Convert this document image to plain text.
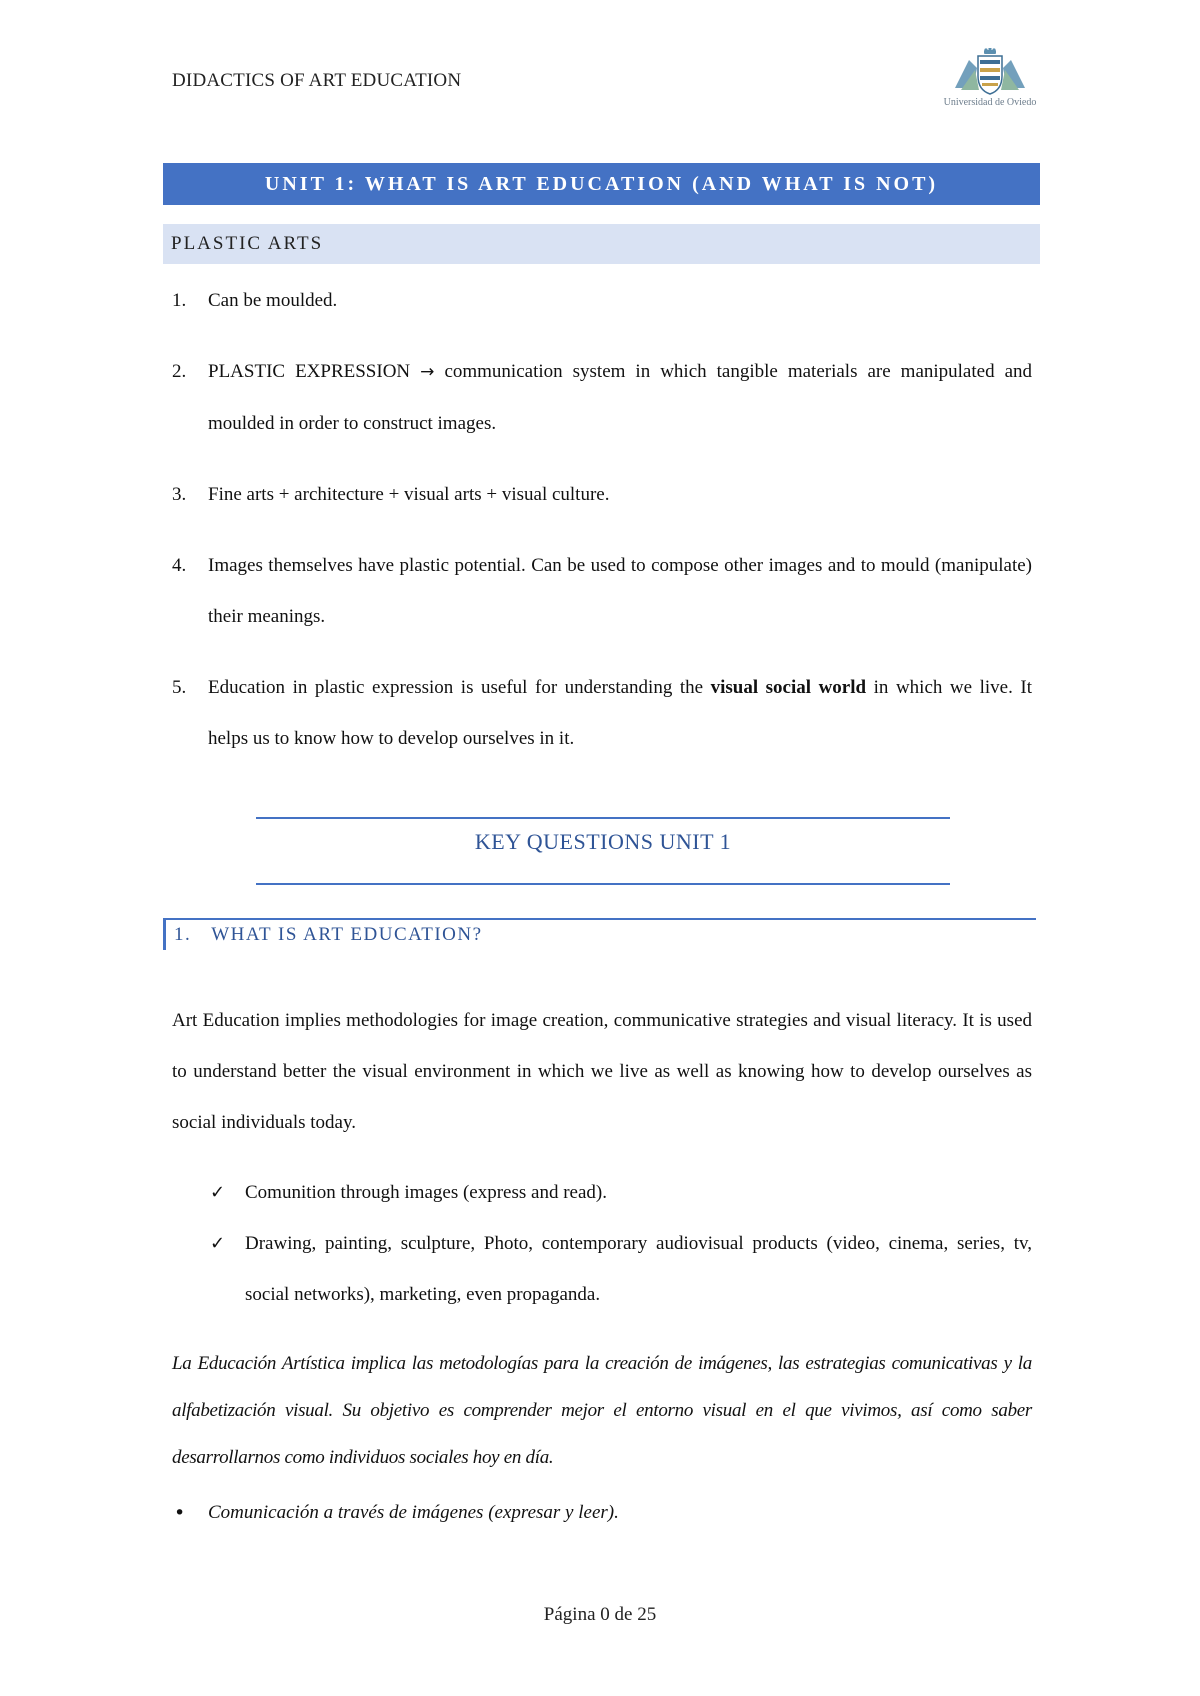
DIDACTICS OF ART EDUCATION
Universidad de Oviedo
UNIT 1: WHAT IS ART EDUCATION (AND WHAT IS NOT)
PLASTIC ARTS
1. Can be moulded.
2. PLASTIC EXPRESSION → communication system in which tangible materials are manipulated and moulded in order to construct images.
3. Fine arts + architecture + visual arts + visual culture.
4. Images themselves have plastic potential. Can be used to compose other images and to mould (manipulate) their meanings.
5. Education in plastic expression is useful for understanding the visual social world in which we live. It helps us to know how to develop ourselves in it.
KEY QUESTIONS UNIT 1
1. WHAT IS ART EDUCATION?

Art Education implies methodologies for image creation, communicative strategies and visual literacy. It is used to understand better the visual environment in which we live as well as knowing how to develop ourselves as social individuals today.

✓ Comunition through images (express and read).
✓ Drawing, painting, sculpture, Photo, contemporary audiovisual products (video, cinema, series, tv, social networks), marketing, even propaganda.

La Educación Artística implica las metodologías para la creación de imágenes, las estrategias comunicativas y la alfabetización visual. Su objetivo es comprender mejor el entorno visual en el que vivimos, así como saber desarrollarnos como individuos sociales hoy en día.

• Comunicación a través de imágenes (expresar y leer).
Página 0 de 25
